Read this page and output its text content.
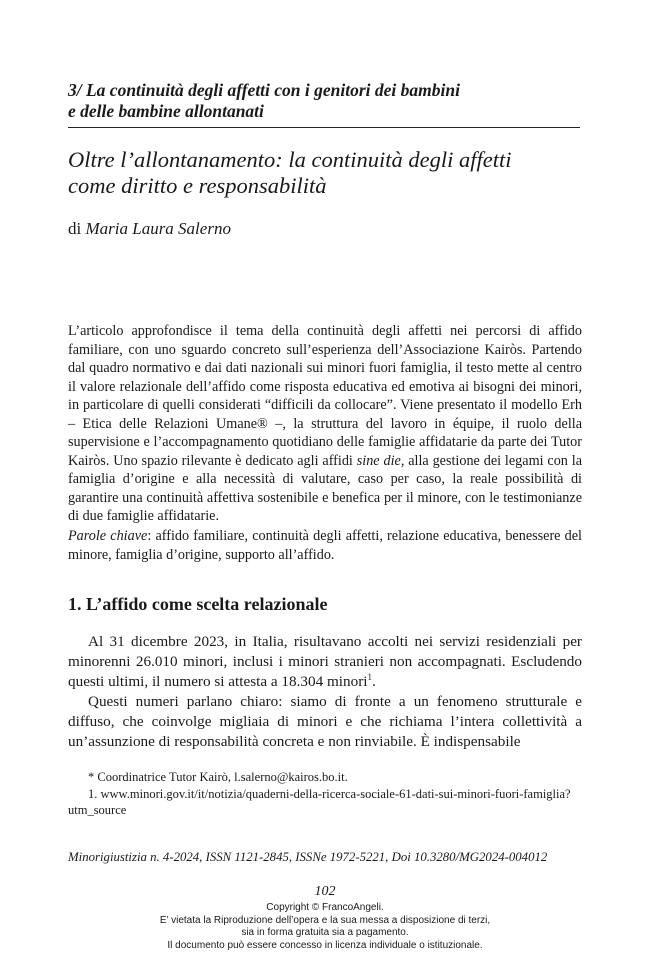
3/ La continuità degli affetti con i genitori dei bambini
e delle bambine allontanati
Oltre l’allontanamento: la continuità degli affetti
come diritto e responsabilità
di Maria Laura Salerno

L’articolo approfondisce il tema della continuità degli affetti nei percorsi di affido familiare, con uno sguardo concreto sull’esperienza dell’Associazione Kairòs. Partendo dal quadro normativo e dai dati nazionali sui minori fuori famiglia, il testo mette al centro il valore relazionale dell’affido come risposta educativa ed emotiva ai bisogni dei minori, in particolare di quelli considerati “difficili da collocare”. Viene presentato il modello Erh – Etica delle Relazioni Umane® –, la struttura del lavoro in équipe, il ruolo della supervisione e l’accompagnamento quotidiano delle famiglie affidatarie da parte dei Tutor Kairòs. Uno spazio rilevante è dedicato agli affidi sine die, alla gestione dei legami con la famiglia d’origine e alla necessità di valutare, caso per caso, la reale possibilità di garantire una continuità affettiva sostenibile e benefica per il minore, con le testimonianze di due famiglie affidatarie.

Parole chiave: affido familiare, continuità degli affetti, relazione educativa, benessere del minore, famiglia d’origine, supporto all’affido.

1. L’affido come scelta relazionale

Al 31 dicembre 2023, in Italia, risultavano accolti nei servizi residenziali per minorenni 26.010 minori, inclusi i minori stranieri non accompagnati. Escludendo questi ultimi, il numero si attesta a 18.304 minori$^1$.

Questi numeri parlano chiaro: siamo di fronte a un fenomeno strutturale e diffuso, che coinvolge migliaia di minori e che richiama l’intera collettività a un’assunzione di responsabilità concreta e non rinviabile. È indispensabile

* Coordinatrice Tutor Kairò, l.salerno@kairos.bo.it.
1. www.minori.gov.it/it/notizia/quaderni-della-ricerca-sociale-61-dati-sui-minori-fuori-famiglia?utm_source
Minorigiustizia n. 4-2024, ISSN 1121-2845, ISSNe 1972-5221, Doi 10.3280/MG2024-004012
102
Copyright © FrancoAngeli.
E’ vietata la Riproduzione dell’opera e la sua messa a disposizione di terzi,
sia in forma gratuita sia a pagamento.
Il documento può essere concesso in licenza individuale o istituzionale.
